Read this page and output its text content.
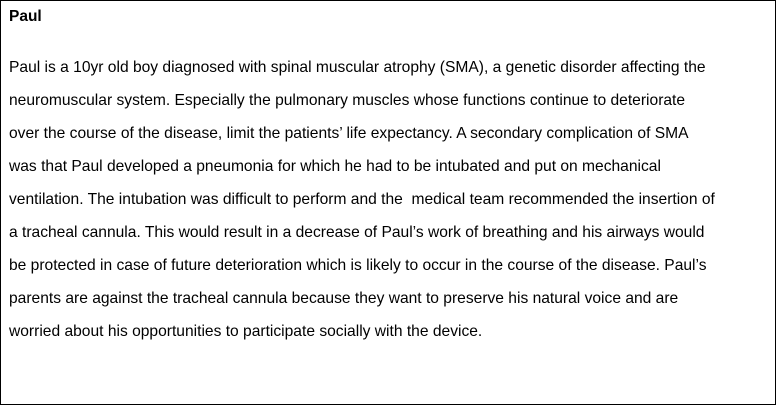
Paul
Paul is a 10yr old boy diagnosed with spinal muscular atrophy (SMA), a genetic disorder affecting the
neuromuscular system. Especially the pulmonary muscles whose functions continue to deteriorate
over the course of the disease, limit the patients’ life expectancy. A secondary complication of SMA
was that Paul developed a pneumonia for which he had to be intubated and put on mechanical
ventilation. The intubation was difficult to perform and the  medical team recommended the insertion of
a tracheal cannula. This would result in a decrease of Paul’s work of breathing and his airways would
be protected in case of future deterioration which is likely to occur in the course of the disease. Paul’s
parents are against the tracheal cannula because they want to preserve his natural voice and are
worried about his opportunities to participate socially with the device.
